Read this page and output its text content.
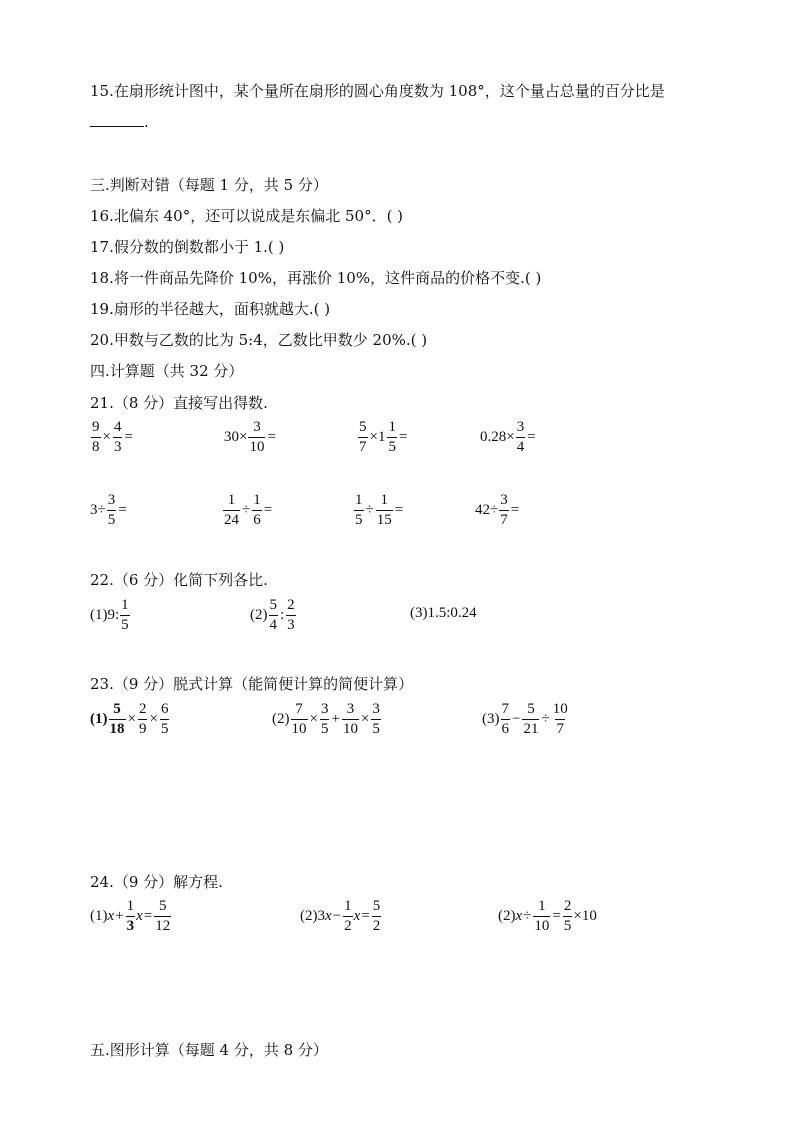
15.在扇形统计图中，某个量所在扇形的圆心角度数为 108°，这个量占总量的百分比是
.
三.判断对错（每题 1 分，共 5 分）
16.北偏东 40°，还可以说成是东偏北 50°．( )
17.假分数的倒数都小于 1.( )
18.将一件商品先降价 10%，再涨价 10%，这件商品的价格不变.( )
19.扇形的半径越大，面积就越大.( )
20.甲数与乙数的比为 5:4，乙数比甲数少 20%.( )
四.计算题（共 32 分）
21.（8 分）直接写出得数.
$\frac{9}{8} \times \frac{4}{3}$ =	$30\times \frac{3}{10}$ =	$\frac{5}{7} \times 1 \frac{1}{5}$ =	$0.28\times \frac{3}{4}$ =
$3\div \frac{3}{5}$ =	$\frac{1}{24} \div \frac{1}{6}$ =	$\frac{1}{5} \div \frac{1}{15}$ =	$42\div \frac{3}{7}$ =
22.（6 分）化简下列各比.
(1)9: $\frac{1}{5}$	$(2) \frac{5}{4}$ : $\frac{2}{3}$	(3)1.5:0.24
23.（9 分）脱式计算（能简便计算的简便计算）
$(1) \frac{5}{18} \times \frac{2}{9} \times \frac{6}{5}$	$(2) \frac{7}{10} \times \frac{3}{5} + \frac{3}{10} \times \frac{3}{5}$	$(3) \frac{7}{6} - \frac{5}{21} \div \frac{10}{7}$
24.（9 分）解方程.
(1) $x + \frac{1}{3}$ $x = \frac{5}{12}$	(2)3 $x - \frac{1}{2}$ $x = \frac{5}{2}$	(2) $x \div \frac{1}{10} = \frac{2}{5} \times 10$
五.图形计算（每题 4 分，共 8 分）
